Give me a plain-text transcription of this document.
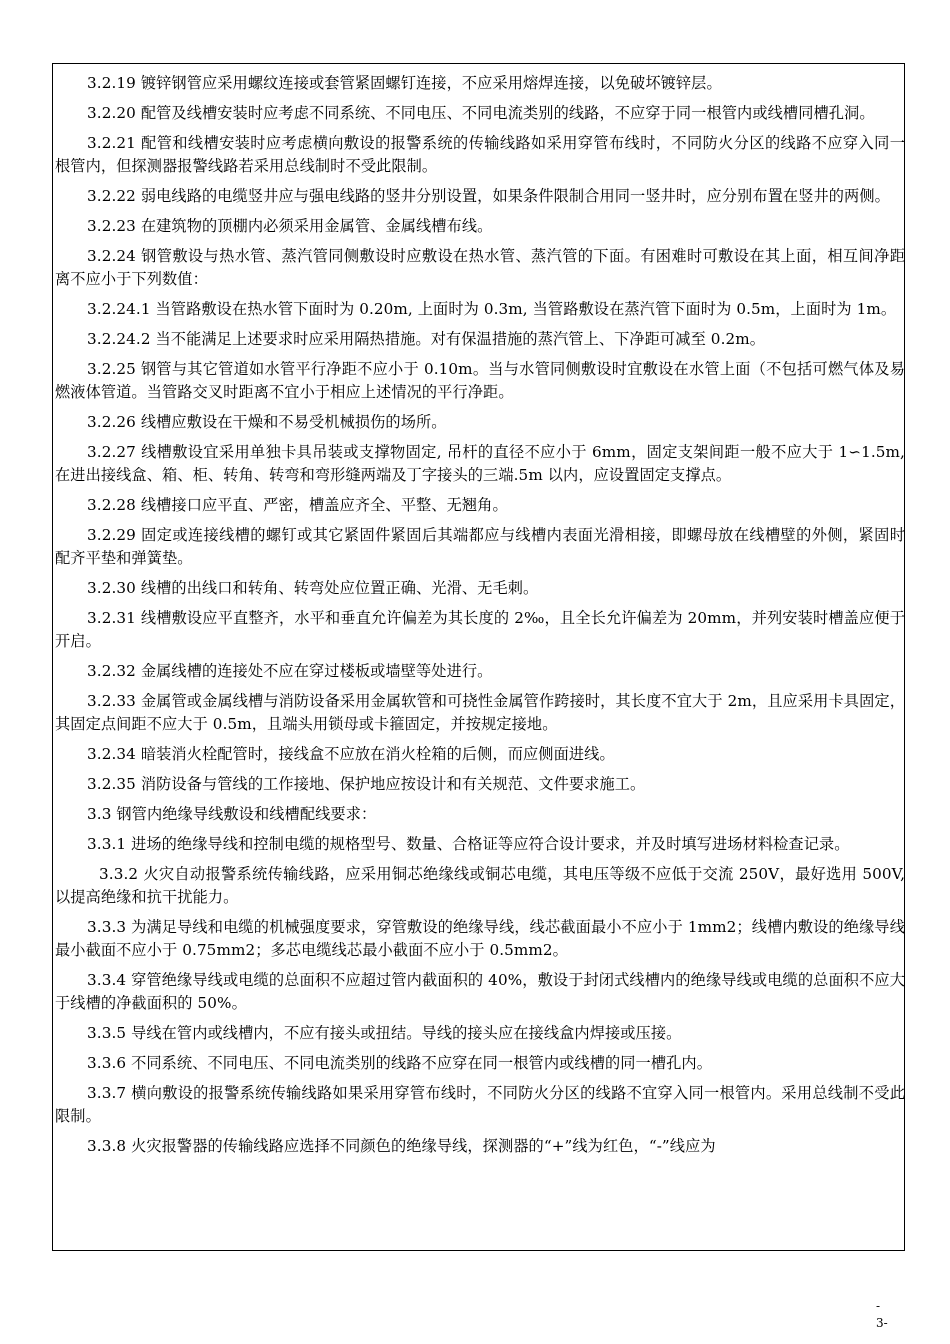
3.2.19 镀锌钢管应采用螺纹连接或套管紧固螺钉连接，不应采用熔焊连接，以免破坏镀锌层。

3.2.20 配管及线槽安装时应考虑不同系统、不同电压、不同电流类别的线路，不应穿于同一根管内或线槽同槽孔洞。

3.2.21 配管和线槽安装时应考虑横向敷设的报警系统的传输线路如采用穿管布线时，不同防火分区的线路不应穿入同一根管内，但探测器报警线路若采用总线制时不受此限制。

3.2.22 弱电线路的电缆竖井应与强电线路的竖井分别设置，如果条件限制合用同一竖井时，应分别布置在竖井的两侧。

3.2.23 在建筑物的顶棚内必须采用金属管、金属线槽布线。

3.2.24 钢管敷设与热水管、蒸汽管同侧敷设时应敷设在热水管、蒸汽管的下面。有困难时可敷设在其上面，相互间净距离不应小于下列数值：

3.2.24.1 当管路敷设在热水管下面时为 0.20m, 上面时为 0.3m, 当管路敷设在蒸汽管下面时为 0.5m，上面时为 1m。

3.2.24.2 当不能满足上述要求时应采用隔热措施。对有保温措施的蒸汽管上、下净距可减至 0.2m。

3.2.25 钢管与其它管道如水管平行净距不应小于 0.10m。当与水管同侧敷设时宜敷设在水管上面（不包括可燃气体及易燃液体管道。当管路交叉时距离不宜小于相应上述情况的平行净距。

3.2.26 线槽应敷设在干燥和不易受机械损伤的场所。

3.2.27 线槽敷设宜采用单独卡具吊装或支撑物固定, 吊杆的直径不应小于 6mm，固定支架间距一般不应大于 1∽1.5m, 在进出接线盒、箱、柜、转角、转弯和弯形缝两端及丁字接头的三端.5m 以内，应设置固定支撑点。

3.2.28 线槽接口应平直、严密，槽盖应齐全、平整、无翘角。

3.2.29 固定或连接线槽的螺钉或其它紧固件紧固后其端都应与线槽内表面光滑相接，即螺母放在线槽壁的外侧，紧固时配齐平垫和弹簧垫。

3.2.30 线槽的出线口和转角、转弯处应位置正确、光滑、无毛刺。

3.2.31 线槽敷设应平直整齐，水平和垂直允许偏差为其长度的 2‰，且全长允许偏差为 20mm，并列安装时槽盖应便于开启。

3.2.32 金属线槽的连接处不应在穿过楼板或墙壁等处进行。

3.2.33 金属管或金属线槽与消防设备采用金属软管和可挠性金属管作跨接时，其长度不宜大于 2m，且应采用卡具固定，其固定点间距不应大于 0.5m，且端头用锁母或卡箍固定，并按规定接地。

3.2.34 暗装消火栓配管时，接线盒不应放在消火栓箱的后侧，而应侧面进线。

3.2.35 消防设备与管线的工作接地、保护地应按设计和有关规范、文件要求施工。

3.3 钢管内绝缘导线敷设和线槽配线要求：

3.3.1 进场的绝缘导线和控制电缆的规格型号、数量、合格证等应符合设计要求，并及时填写进场材料检查记录。

3.3.2 火灾自动报警系统传输线路，应采用铜芯绝缘线或铜芯电缆，其电压等级不应低于交流 250V，最好选用 500V, 以提高绝缘和抗干扰能力。

3.3.3 为满足导线和电缆的机械强度要求，穿管敷设的绝缘导线，线芯截面最小不应小于 1mm2；线槽内敷设的绝缘导线最小截面不应小于 0.75mm2；多芯电缆线芯最小截面不应小于 0.5mm2。

3.3.4 穿管绝缘导线或电缆的总面积不应超过管内截面积的 40%，敷设于封闭式线槽内的绝缘导线或电缆的总面积不应大于线槽的净截面积的 50%。

3.3.5 导线在管内或线槽内，不应有接头或扭结。导线的接头应在接线盒内焊接或压接。

3.3.6 不同系统、不同电压、不同电流类别的线路不应穿在同一根管内或线槽的同一槽孔内。

3.3.7 横向敷设的报警系统传输线路如果采用穿管布线时，不同防火分区的线路不宜穿入同一根管内。采用总线制不受此限制。

3.3.8 火灾报警器的传输线路应选择不同颜色的绝缘导线，探测器的“+”线为红色，“-”线应为

-
3-
